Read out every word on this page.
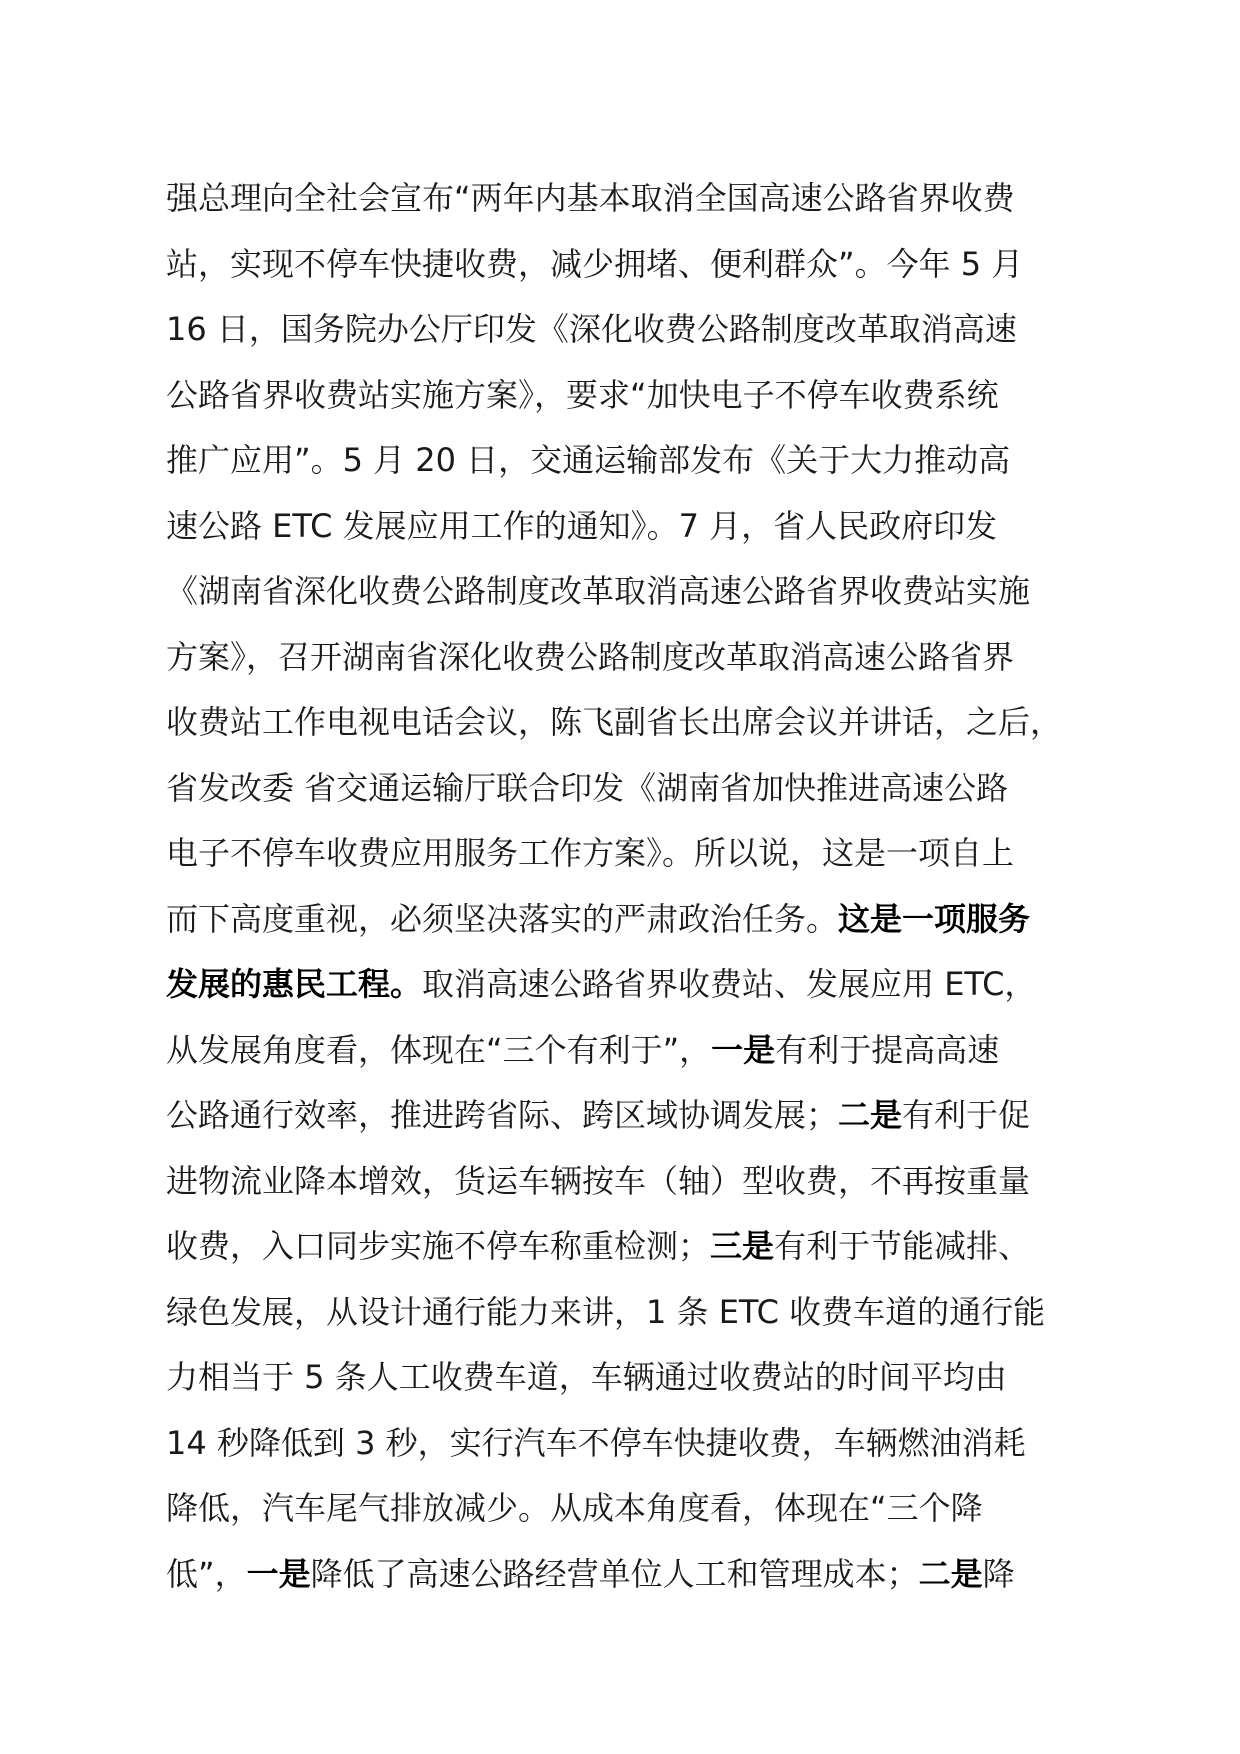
强总理向全社会宣布“两年内基本取消全国高速公路省界收费
站，实现不停车快捷收费，减少拥堵、便利群众”。今年 5 月
16 日，国务院办公厅印发《深化收费公路制度改革取消高速
公路省界收费站实施方案》，要求“加快电子不停车收费系统
推广应用”。5 月 20 日，交通运输部发布《关于大力推动高
速公路 ETC 发展应用工作的通知》。7 月，省人民政府印发
《湖南省深化收费公路制度改革取消高速公路省界收费站实施
方案》，召开湖南省深化收费公路制度改革取消高速公路省界
收费站工作电视电话会议，陈飞副省长出席会议并讲话，之后，
省发改委 省交通运输厅联合印发《湖南省加快推进高速公路
电子不停车收费应用服务工作方案》。所以说，这是一项自上
而下高度重视，必须坚决落实的严肃政治任务。这是一项服务
发展的惠民工程。取消高速公路省界收费站、发展应用 ETC，
从发展角度看，体现在“三个有利于”，一是有利于提高高速
公路通行效率，推进跨省际、跨区域协调发展；二是有利于促
进物流业降本增效，货运车辆按车（轴）型收费，不再按重量
收费，入口同步实施不停车称重检测；三是有利于节能减排、
绿色发展，从设计通行能力来讲，1 条 ETC 收费车道的通行能
力相当于 5 条人工收费车道，车辆通过收费站的时间平均由
14 秒降低到 3 秒，实行汽车不停车快捷收费，车辆燃油消耗
降低，汽车尾气排放减少。从成本角度看，体现在“三个降
低”，一是降低了高速公路经营单位人工和管理成本；二是降
